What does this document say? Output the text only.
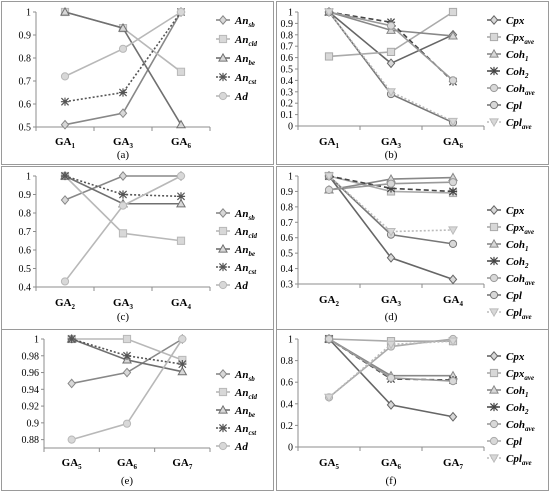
0.5
0.6
0.7
0.8
0.9
1
$GA_1$	$GA_3$	$GA_6$
$An_{sb}$
$An_{cld}$
$An_{be}$
$An_{cst}$
Ad
(a)
0
0.1
0.2
0.3
0.4
0.5
0.6
0.7
0.8
0.9
1
$GA_1$	$GA_3$	$GA_6$
Cpx
Cpx$_{ave}$
Coh$_1$
Coh$_2$
Coh$_{ave}$
Cpl
Cpl$_{ave}$
(b)
0.4
0.5
0.6
0.7
0.8
0.9
1
$GA_2$	$GA_3$	$GA_4$
$An_{sb}$
$An_{cld}$
$An_{be}$
$An_{cst}$
Ad
(c)
0.3
0.4
0.5
0.6
0.7
0.8
0.9
1
$GA_2$	$GA_3$	$GA_4$
Cpx
Cpx$_{ave}$
Coh$_1$
Coh$_2$
Coh$_{ave}$
Cpl
Cpl$_{ave}$
(d)
0.88
0.9
0.92
0.94
0.96
0.98
1
$GA_5$	$GA_6$	$GA_7$
$An_{sb}$
$An_{cld}$
$An_{be}$
$An_{cst}$
Ad
(e)
0
0.2
0.4
0.6
0.8
1
$GA_5$	$GA_6$	$GA_7$
Cpx
Cpx$_{ave}$
Coh$_1$
Coh$_2$
Coh$_{ave}$
Cpl
Cpl$_{ave}$
(f)
